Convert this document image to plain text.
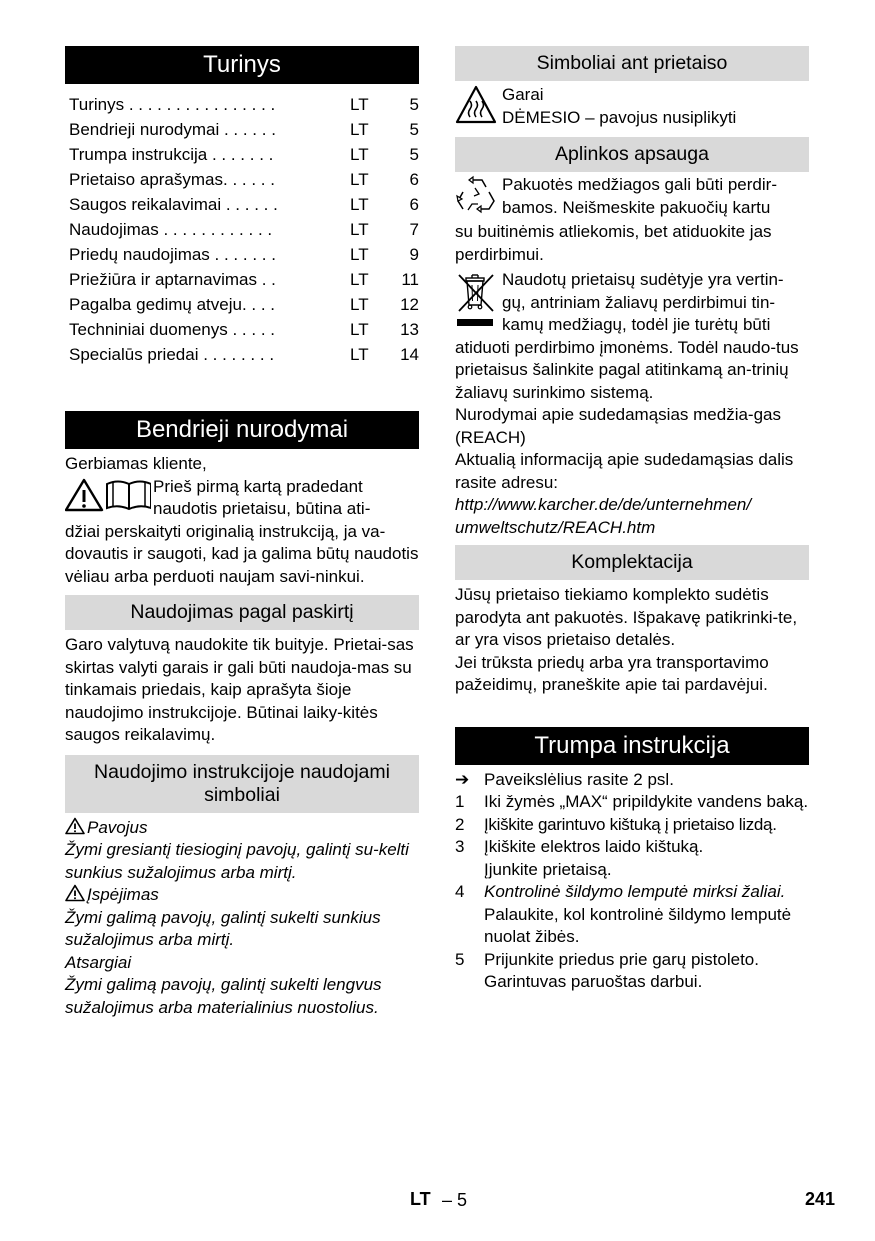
Turinys
Turinys . . . . . . . . . . . . . . . .	LT	5
Bendrieji nurodymai . . . . . .	LT	5
Trumpa instrukcija . . . . . . .	LT	5
Prietaiso aprašymas. . . . . .	LT	6
Saugos reikalavimai . . . . . .	LT	6
Naudojimas . . . . . . . . . . . .	LT	7
Priedų naudojimas . . . . . . .	LT	9
Priežiūra ir aptarnavimas . .	LT	11
Pagalba gedimų atveju. . . .	LT	12
Techniniai duomenys . . . . .	LT	13
Specialūs priedai . . . . . . . .	LT	14
Bendrieji nurodymai

Gerbiamas kliente,

Prieš pirmą kartą pradedant

naudotis prietaisu, būtina ati-

džiai perskaityti originalią instrukciją, ja va-dovautis ir saugoti, kad ja galima būtų naudotis vėliau arba perduoti naujam savi-ninkui.

Naudojimas pagal paskirtį

Garo valytuvą naudokite tik buityje. Prietai-sas skirtas valyti garais ir gali būti naudoja-mas su tinkamais priedais, kaip aprašyta šioje naudojimo instrukcijoje. Būtinai laiky-kitės saugos reikalavimų.

Naudojimo instrukcijoje naudojami simboliai
Pavojus

Žymi gresiantį tiesioginį pavojų, galintį su-kelti sunkius sužalojimus arba mirtį.

Įspėjimas

Žymi galimą pavojų, galintį sukelti sunkius sužalojimus arba mirtį.

Atsargiai

Žymi galimą pavojų, galintį sukelti lengvus sužalojimus arba materialinius nuostolius.

Simboliai ant prietaiso

Garai

DĖMESIO – pavojus nusiplikyti

Aplinkos apsauga

Pakuotės medžiagos gali būti perdir-

bamos. Neišmeskite pakuočių kartu

su buitinėmis atliekomis, bet atiduokite jas perdirbimui.

Naudotų prietaisų sudėtyje yra vertin-

gų, antriniam žaliavų perdirbimui tin-

kamų medžiagų, todėl jie turėtų būti

atiduoti perdirbimo įmonėms. Todėl naudo-tus prietaisus šalinkite pagal atitinkamą an-trinių žaliavų surinkimo sistemą.

Nurodymai apie sudedamąsias medžia-gas (REACH)

Aktualią informaciją apie sudedamąsias dalis rasite adresu:

http://www.karcher.de/de/unternehmen/ umweltschutz/REACH.htm

Komplektacija

Jūsų prietaiso tiekiamo komplekto sudėtis parodyta ant pakuotės. Išpakavę patikrinki-te, ar yra visos prietaiso detalės.

Jei trūksta priedų arba yra transportavimo pažeidimų, praneškite apie tai pardavėjui.

Trumpa instrukcija
➔ Paveikslėlius rasite 2 psl.
1	Iki žymės „MAX“ pripildykite vandens baką.
2	Įkiškite garintuvo kištuką į prietaiso lizdą.
3	Įkiškite elektros laido kištuką.
Įjunkite prietaisą.
4	Kontrolinė šildymo lemputė mirksi žaliai.
Palaukite, kol kontrolinė šildymo lemputė nuolat žibės.
5	Prijunkite priedus prie garų pistoleto.
Garintuvas paruoštas darbui.
LT – 5	241
